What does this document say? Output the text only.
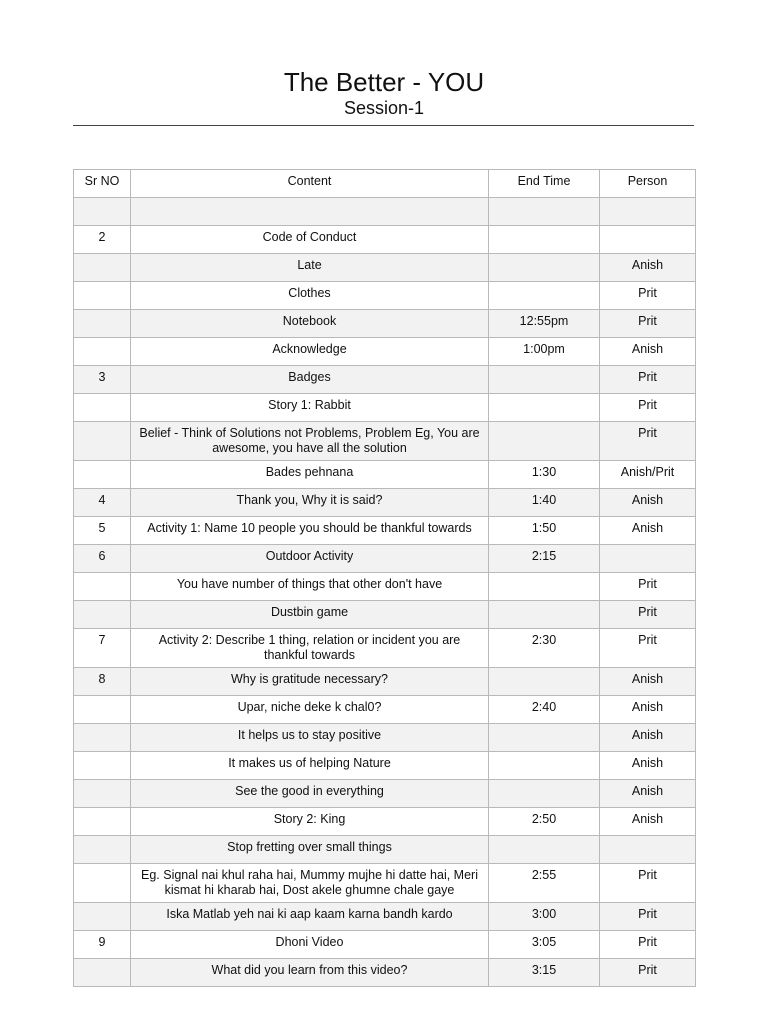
The Better - YOU
Session-1
Sr NO	Content	End Time	Person

2	Code of Conduct		
	Late		Anish
	Clothes		Prit
	Notebook	12:55pm	Prit
	Acknowledge	1:00pm	Anish
3	Badges		Prit
	Story 1: Rabbit		Prit
	Belief - Think of Solutions not Problems, Problem Eg, You are awesome, you have all the solution		Prit
	Bades pehnana	1:30	Anish/Prit
4	Thank you, Why it is said?	1:40	Anish
5	Activity 1: Name 10 people you should be thankful towards	1:50	Anish
6	Outdoor Activity	2:15	
	You have number of things that other don't have		Prit
	Dustbin game		Prit
7	Activity 2: Describe 1 thing, relation or incident you are thankful towards	2:30	Prit
8	Why is gratitude necessary?		Anish
	Upar, niche deke k chal0?	2:40	Anish
	It helps us to stay positive		Anish
	It makes us of helping Nature		Anish
	See the good in everything		Anish
	Story 2: King	2:50	Anish
	Stop fretting over small things		
	Eg. Signal nai khul raha hai, Mummy mujhe hi datte hai, Meri kismat hi kharab hai, Dost akele ghumne chale gaye	2:55	Prit
	Iska Matlab yeh nai ki aap kaam karna bandh kardo	3:00	Prit
9	Dhoni Video	3:05	Prit
	What did you learn from this video?	3:15	Prit
